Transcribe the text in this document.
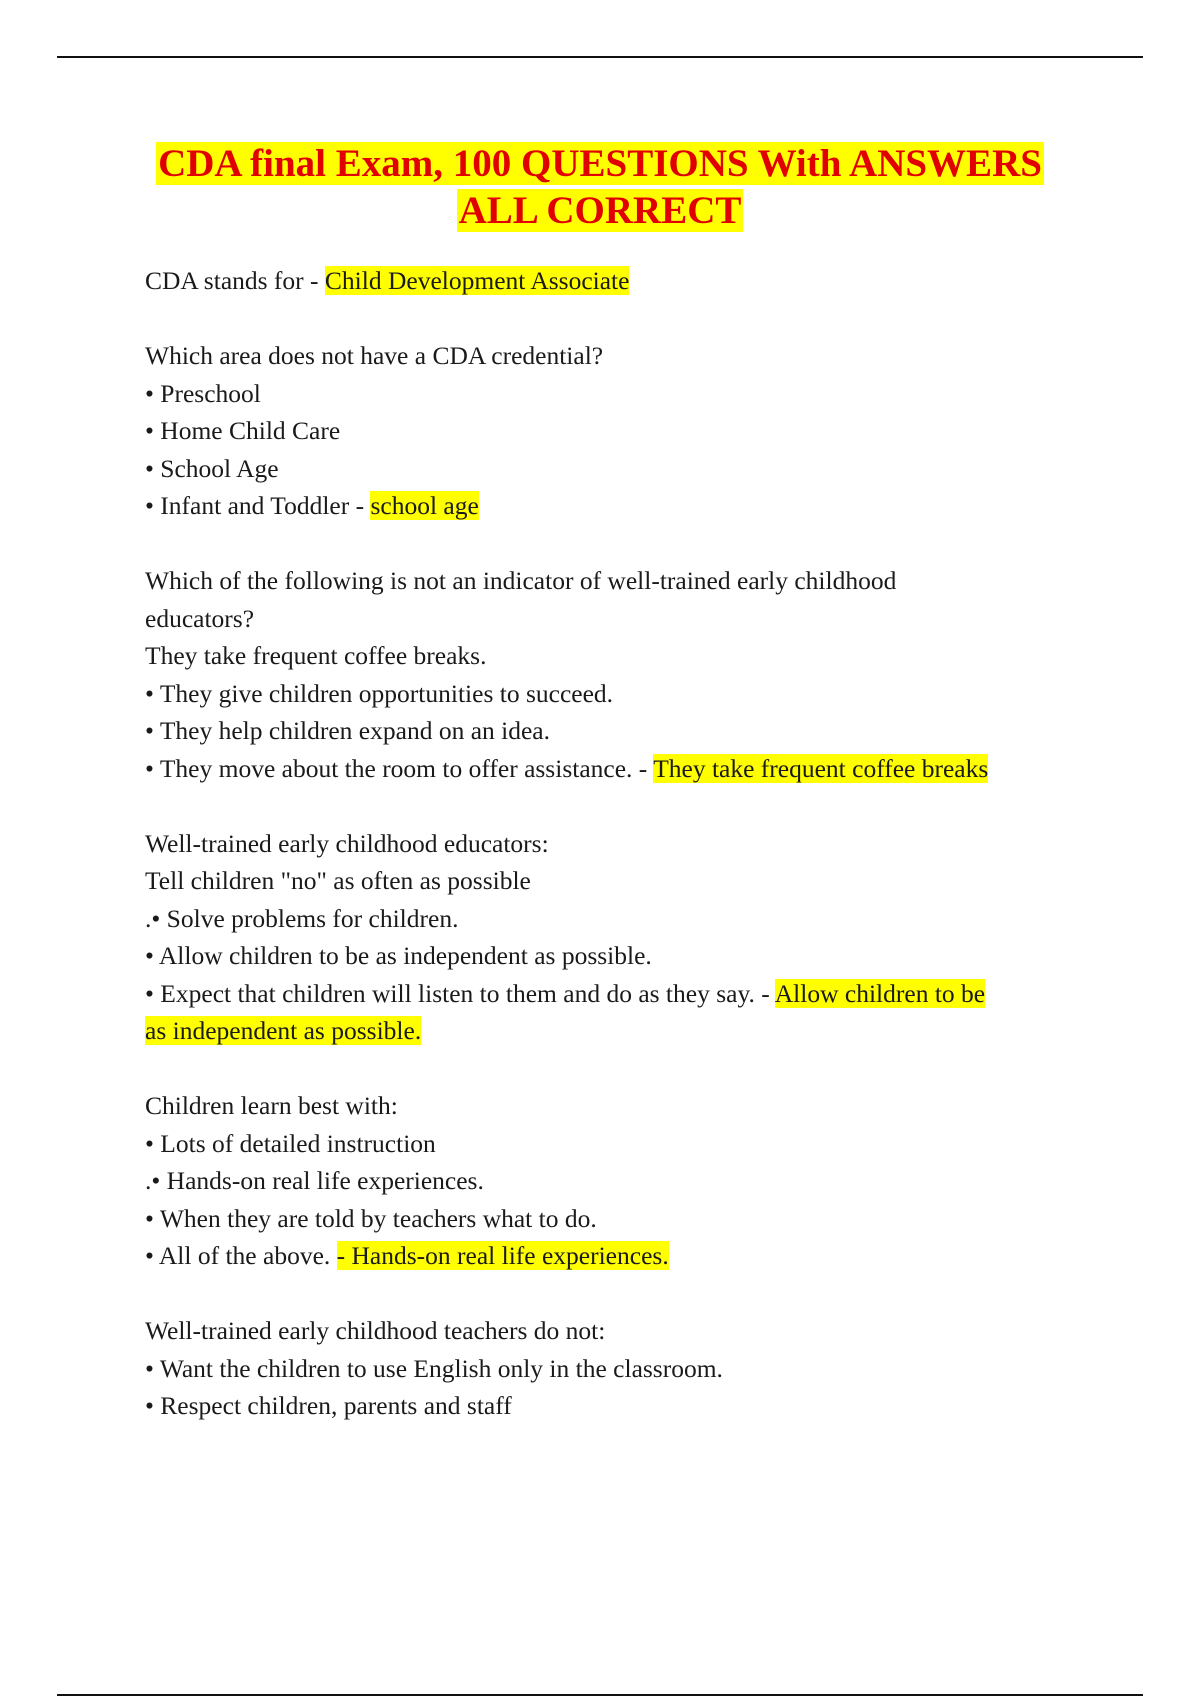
CDA final Exam, 100 QUESTIONS With ANSWERS
ALL CORRECT

CDA stands for - Child Development Associate

Which area does not have a CDA credential?

• Preschool

• Home Child Care

• School Age

• Infant and Toddler - school age

Which of the following is not an indicator of well-trained early childhood educators?

They take frequent coffee breaks.

• They give children opportunities to succeed.

• They help children expand on an idea.

• They move about the room to offer assistance. - They take frequent coffee breaks

Well-trained early childhood educators:

Tell children "no" as often as possible

.• Solve problems for children.

• Allow children to be as independent as possible.

• Expect that children will listen to them and do as they say. - Allow children to be

as independent as possible.

Children learn best with:

• Lots of detailed instruction

.• Hands-on real life experiences.

• When they are told by teachers what to do.

• All of the above. - Hands-on real life experiences.

Well-trained early childhood teachers do not:

• Want the children to use English only in the classroom.

• Respect children, parents and staff
